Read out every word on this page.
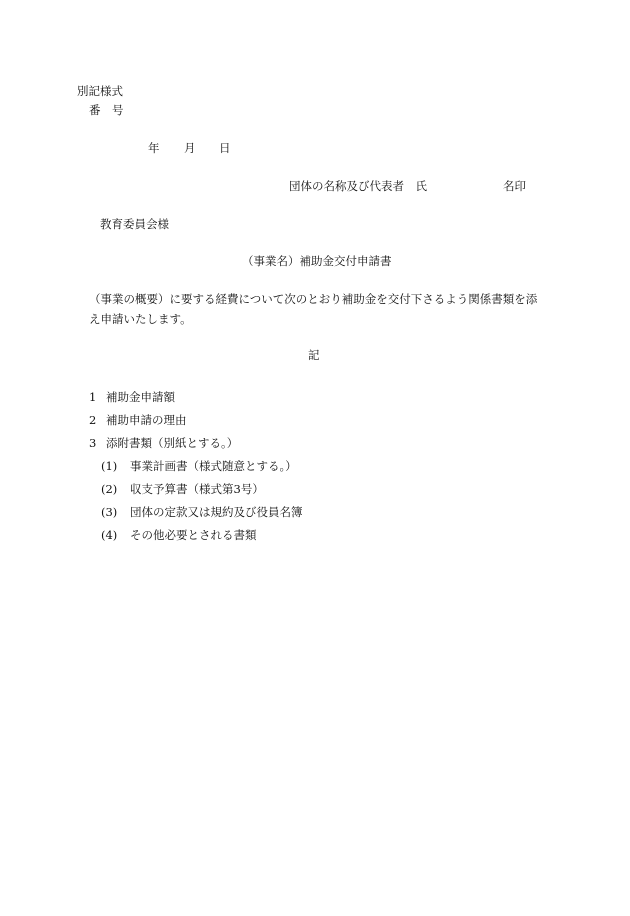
別記様式
番　号
年 月 日
団体の名称及び代表者　氏	名印
教育委員会様
（事業名）補助金交付申請書
（事業の概要）に要する経費について次のとおり補助金を交付下さるよう関係書類を添
え申請いたします。
記
1 補助金申請額
2 補助申請の理由
3 添附書類（別紙とする。）
(1) 事業計画書（様式随意とする。）
(2) 収支予算書（様式第3号）
(3) 団体の定款又は規約及び役員名簿
(4) その他必要とされる書類
